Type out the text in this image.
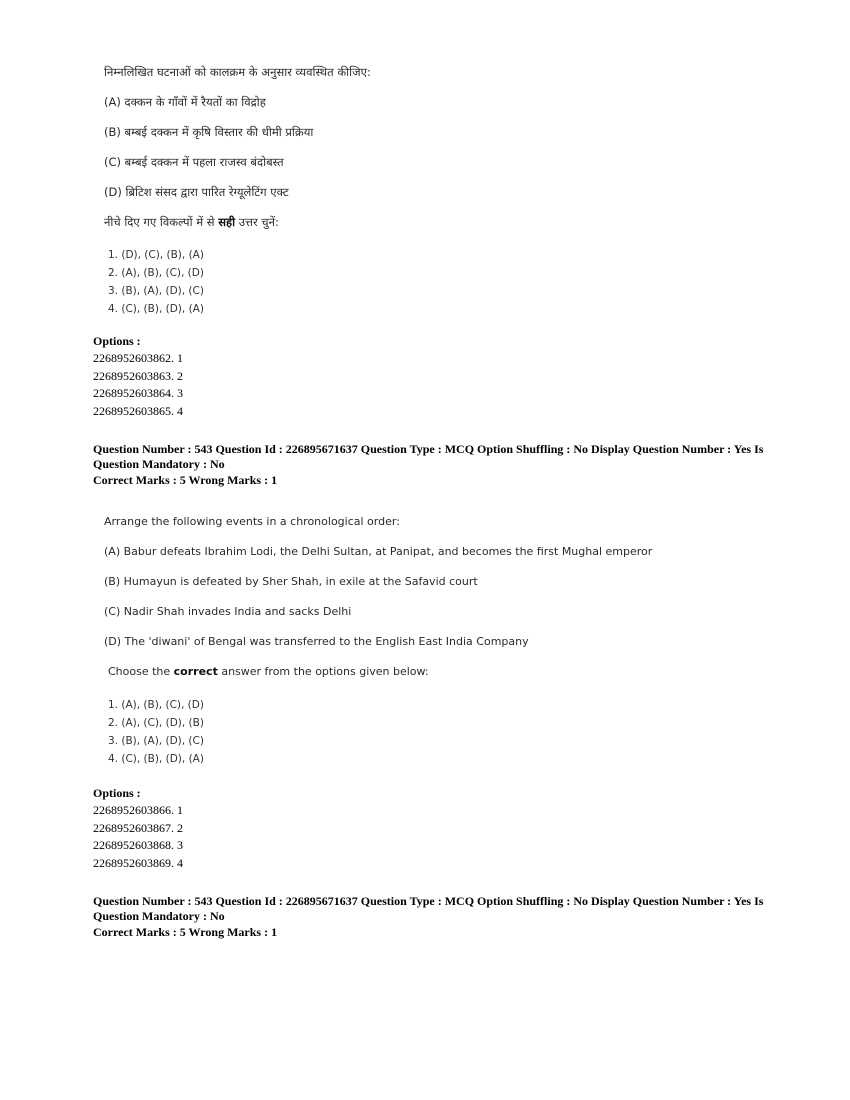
निम्नलिखित घटनाओं को कालक्रम के अनुसार व्यवस्थित कीजिए:
(A) दक्कन के गाँवों में रैयतों का विद्रोह
(B) बम्बई दक्कन में कृषि विस्तार की धीमी प्रक्रिया
(C) बम्बई दक्कन में पहला राजस्व बंदोबस्त
(D) ब्रिटिश संसद द्वारा पारित रेग्यूलेटिंग एक्ट
नीचे दिए गए विकल्पों में से सही उत्तर चुनें:
1. (D), (C), (B), (A)
2. (A), (B), (C), (D)
3. (B), (A), (D), (C)
4. (C), (B), (D), (A)
Options :
2268952603862. 1
2268952603863. 2
2268952603864. 3
2268952603865. 4
Question Number : 543 Question Id : 226895671637 Question Type : MCQ Option Shuffling : No Display Question Number : Yes Is Question Mandatory : No
Correct Marks : 5 Wrong Marks : 1
Arrange the following events in a chronological order:
(A) Babur defeats Ibrahim Lodi, the Delhi Sultan, at Panipat, and becomes the first Mughal emperor
(B) Humayun is defeated by Sher Shah, in exile at the Safavid court
(C) Nadir Shah invades India and sacks Delhi
(D) The 'diwani' of Bengal was transferred to the English East India Company
Choose the correct answer from the options given below:
1. (A), (B), (C), (D)
2. (A), (C), (D), (B)
3. (B), (A), (D), (C)
4. (C), (B), (D), (A)
Options :
2268952603866. 1
2268952603867. 2
2268952603868. 3
2268952603869. 4
Question Number : 543 Question Id : 226895671637 Question Type : MCQ Option Shuffling : No Display Question Number : Yes Is Question Mandatory : No
Correct Marks : 5 Wrong Marks : 1
